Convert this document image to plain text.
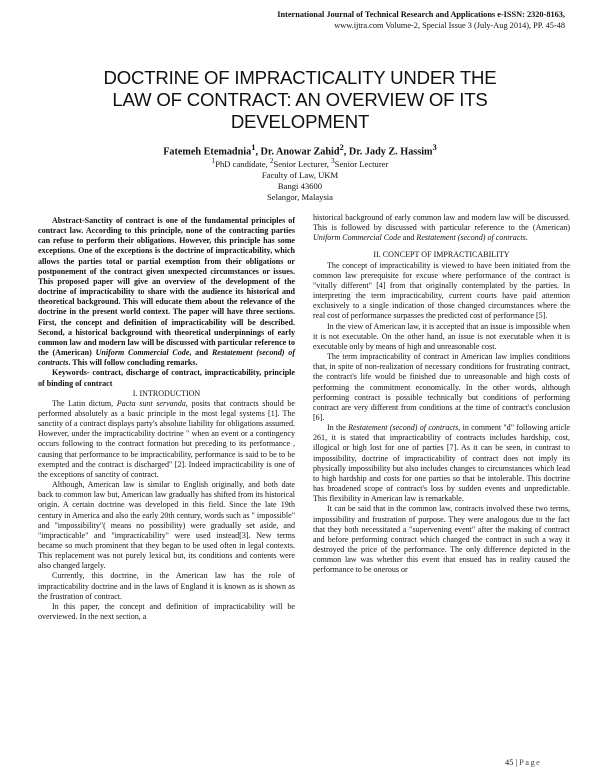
International Journal of Technical Research and Applications e-ISSN: 2320-8163,
www.ijtra.com Volume-2, Special Issue 3 (July-Aug 2014), PP. 45-48
DOCTRINE OF IMPRACTICALITY UNDER THE
LAW OF CONTRACT: AN OVERVIEW OF ITS
DEVELOPMENT
Fatemeh Etemadnia$^1$, Dr. Anowar Zahid$^2$, Dr. Jady Z. Hassim$^3$
$^1$PhD candidate, $^2$Senior Lecturer, $^3$Senior Lecturer
Faculty of Law, UKM
Bangi 43600
Selangor, Malaysia

Abstract-Sanctity of contract is one of the fundamental principles of contract law. According to this principle, none of the contracting parties can refuse to perform their obligations. However, this principle has some exceptions. One of the exceptions is the doctrine of impracticability, which allows the parties total or partial exemption from their obligations or postponement of the contract given unexpected circumstances or issues. This proposed paper will give an overview of the development of the doctrine of impracticability to share with the audience its historical and theoretical background. This will educate them about the relevance of the doctrine in the present world context. The paper will have three sections. First, the concept and definition of impracticability will be described. Second, a historical background with theoretical underpinnings of early common law and modern law will be discussed with particular reference to the (American) Uniform Commercial Code, and Restatement (second) of contracts. This will follow concluding remarks.

Keywords- contract, discharge of contract, impracticability, principle of binding of contract

I. INTRODUCTION

The Latin dictum, Pacta sunt servanda, posits that contracts should be performed absolutely as a basic principle in the most legal systems [1]. The sanctity of a contract displays party's absolute liability for obligations assumed. However, under the impracticability doctrine " when an event or a contingency occurs following to the contract formation but preceding to its performance , causing that performance to be impracticability, performance is said to be to be exempted and the contract is discharged" [2]. Indeed impracticability is one of the exceptions of sanctity of contract.

Although, American law is similar to English originally, and both date back to common law but, American law gradually has shifted from its historical origin. A certain doctrine was developed in this field. Since the late 19th century in America and also the early 20th century, words such as " impossible" and "impossibility"( means no possibility) were gradually set aside, and "impracticable" and "impracticability" were used instead[3]. New terms became so much prominent that they began to be used often in legal contexts. This replacement was not purely lexical but, its conditions and contents were also changed largely.

Currently, this doctrine, in the American law has the role of impracticability doctrine and in the laws of England it is known as is shown as the frustration of contract.

In this paper, the concept and definition of impracticability will be overviewed. In the next section, a

historical background of early common law and modern law will be discussed. This is followed by discussed with particular reference to the (American) Uniform Commercial Code and Restatement (second) of contracts.

II. CONCEPT OF IMPRACTICABILITY

The concept of impracticability is viewed to have been initiated from the common law prerequisite for excuse where performance of the contract is "vitally different" [4] from that originally contemplated by the parties. In interpreting the term impracticability, current courts have paid attention exclusively to a single indication of those changed circumstances where the real cost of performance surpasses the predicted cost of performance [5].

In the view of American law, it is accepted that an issue is impossible when it is not executable. On the other hand, an issue is not executable when it is executable only by means of high and unreasonable cost.

The term impracticability of contract in American law implies conditions that, in spite of non-realization of necessary conditions for frustrating contract, the contract's life would be finished due to unreasonable and high costs of performing the commitment economically. In the other words, although performing contract is possible technically but conditions of performing contract are very different from conditions at the time of contract's conclusion [6].

In the Restatement (second) of contracts, in comment "d" following article 261, it is stated that impracticability of contracts includes hardship, cost, illogical or high lost for one of parties [7]. As it can be seen, in contrast to impossibility, doctrine of impracticability of contract does not imply its physically impossibility but also includes changes to circumstances which lead to high hardship and costs for one parties so that be intolerable. This doctrine has broadened scope of contract's loss by sudden events and unpredictable. This flexibility in American law is remarkable.

It can be said that in the common law, contracts involved these two terms, impossibility and frustration of purpose. They were analogous due to the fact that they both necessitated a "supervening event" after the making of contract and before performing contract which changed the contract in such a way it destroyed the price of the performance. The only difference depicted in the common law was whether this event that ensued has in reality caused the performance to be onerous or

45 | Page
